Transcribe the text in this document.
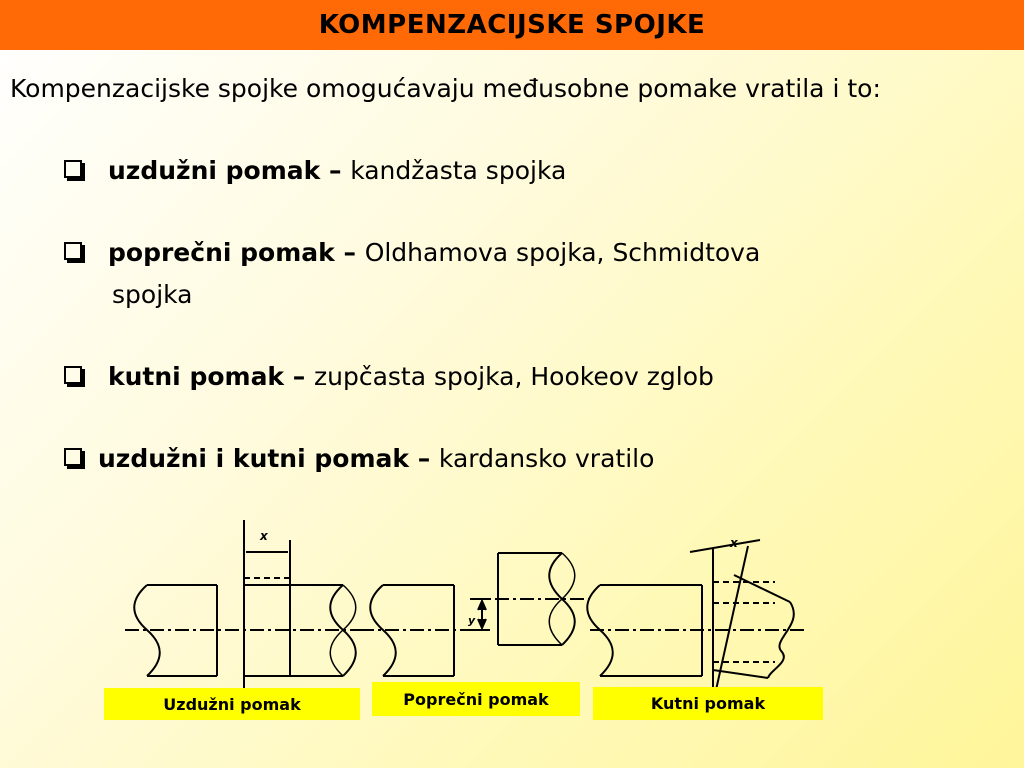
KOMPENZACIJSKE SPOJKE
Kompenzacijske spojke omogućavaju međusobne pomake vratila i to:
uzdužni pomak – kandžasta spojka
poprečni pomak – Oldhamova spojka, Schmidtova
spojka
kutni pomak – zupčasta spojka, Hookeov zglob
uzdužni i kutni pomak – kardansko vratilo
x
y
x
Uzdužni pomak	Poprečni pomak	Kutni pomak
